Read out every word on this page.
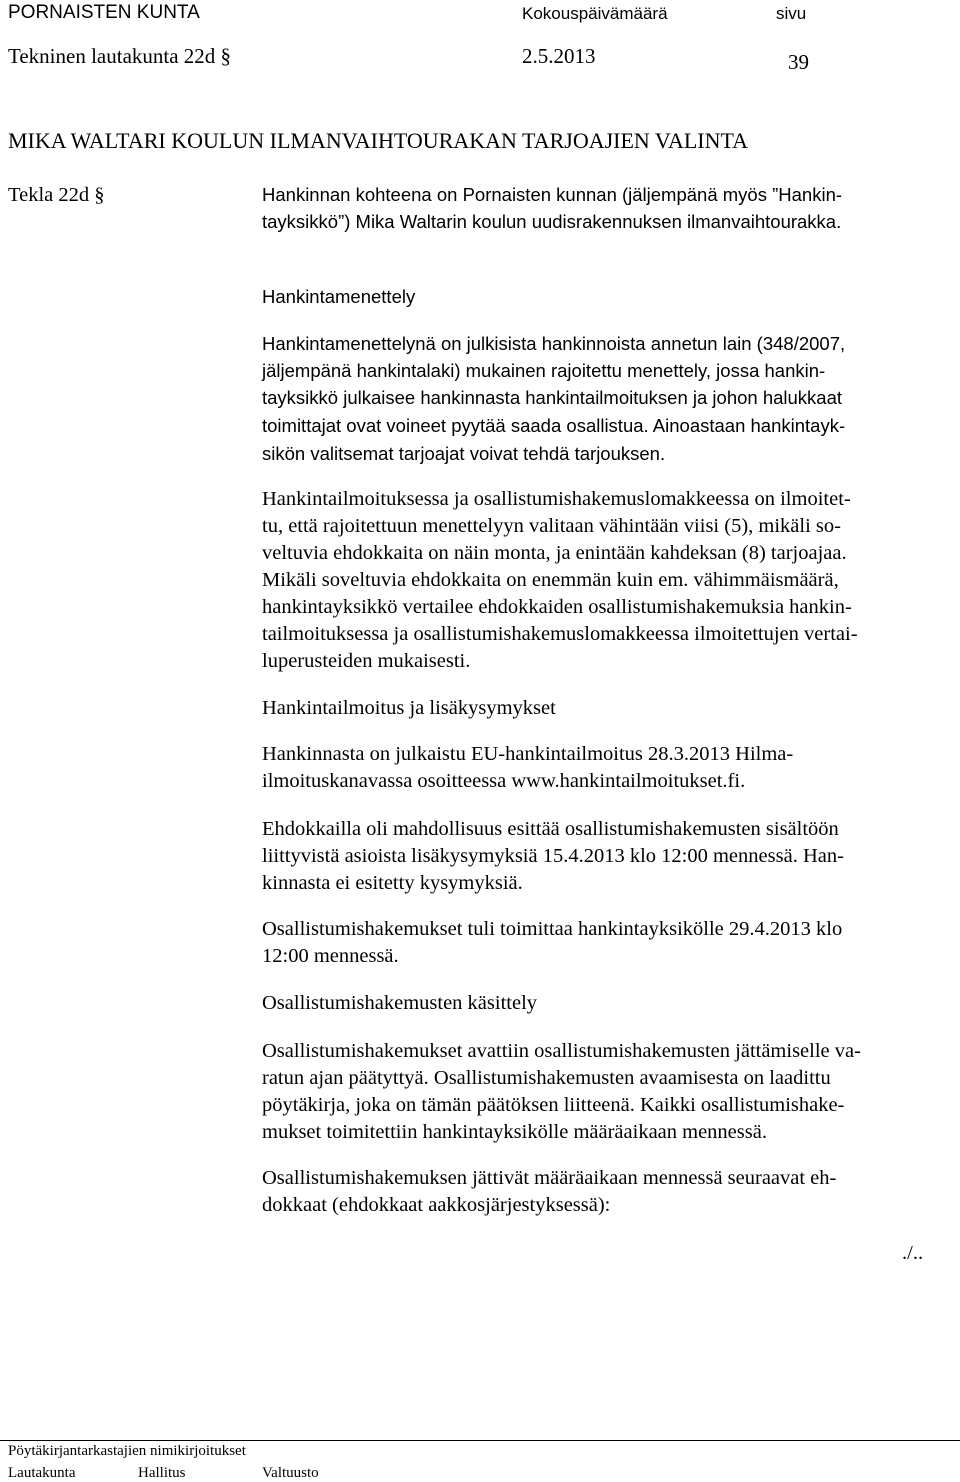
PORNAISTEN KUNTA	Kokouspäivämäärä	sivu
Tekninen lautakunta 22d §	2.5.2013	39
MIKA WALTARI KOULUN ILMANVAIHTOURAKAN TARJOAJIEN VALINTA
Tekla 22d §	Hankinnan kohteena on Pornaisten kunnan (jäljempänä myös ”Hankin-
tayksikkö”) Mika Waltarin koulun uudisrakennuksen ilmanvaihtourakka.
Hankintamenettely
Hankintamenettelynä on julkisista hankinnoista annetun lain (348/2007,
jäljempänä hankintalaki) mukainen rajoitettu menettely, jossa hankin-
tayksikkö julkaisee hankinnasta hankintailmoituksen ja johon halukkaat
toimittajat ovat voineet pyytää saada osallistua. Ainoastaan hankintayk-
sikön valitsemat tarjoajat voivat tehdä tarjouksen.
Hankintailmoituksessa ja osallistumishakemuslomakkeessa on ilmoitet-
tu, että rajoitettuun menettelyyn valitaan vähintään viisi (5), mikäli so-
veltuvia ehdokkaita on näin monta, ja enintään kahdeksan (8) tarjoajaa.
Mikäli soveltuvia ehdokkaita on enemmän kuin em. vähimmäismäärä,
hankintayksikkö vertailee ehdokkaiden osallistumishakemuksia hankin-
tailmoituksessa ja osallistumishakemuslomakkeessa ilmoitettujen vertai-
luperusteiden mukaisesti.
Hankintailmoitus ja lisäkysymykset
Hankinnasta on julkaistu EU-hankintailmoitus 28.3.2013 Hilma-
ilmoituskanavassa osoitteessa www.hankintailmoitukset.fi.
Ehdokkailla oli mahdollisuus esittää osallistumishakemusten sisältöön
liittyvistä asioista lisäkysymyksiä 15.4.2013 klo 12:00 mennessä. Han-
kinnasta ei esitetty kysymyksiä.
Osallistumishakemukset tuli toimittaa hankintayksikölle 29.4.2013 klo
12:00 mennessä.
Osallistumishakemusten käsittely
Osallistumishakemukset avattiin osallistumishakemusten jättämiselle va-
ratun ajan päätyttyä. Osallistumishakemusten avaamisesta on laadittu
pöytäkirja, joka on tämän päätöksen liitteenä. Kaikki osallistumishake-
mukset toimitettiin hankintayksikölle määräaikaan mennessä.
Osallistumishakemuksen jättivät määräaikaan mennessä seuraavat eh-
dokkaat (ehdokkaat aakkosjärjestyksessä):
./..
Pöytäkirjantarkastajien nimikirjoitukset
Lautakunta	Hallitus	Valtuusto
